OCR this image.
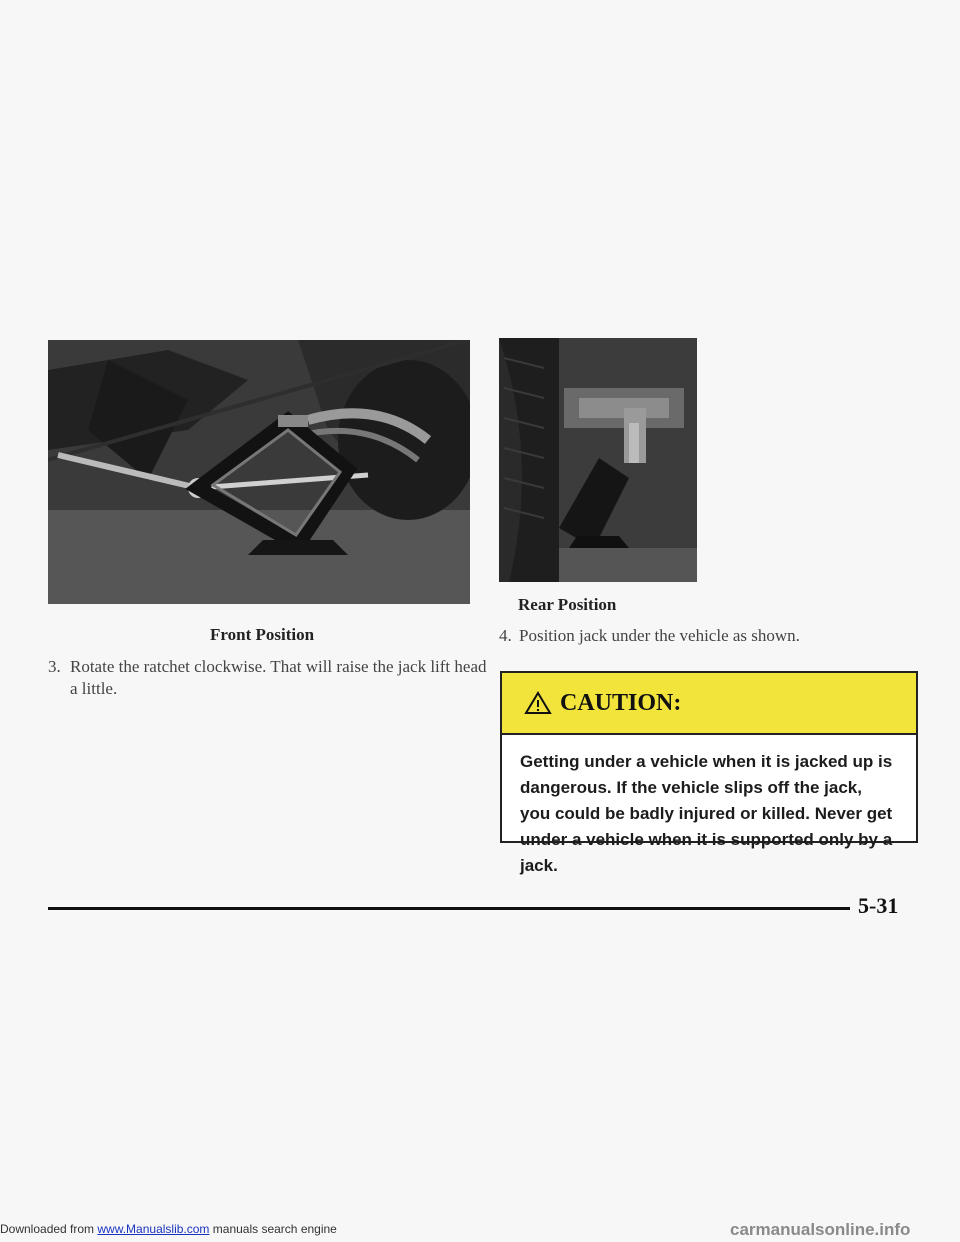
Front Position
Rear Position
3. Rotate the ratchet clockwise. That will raise the jack lift head a little.
4. Position jack under the vehicle as shown.
CAUTION:
Getting under a vehicle when it is jacked up is dangerous. If the vehicle slips off the jack, you could be badly injured or killed. Never get under a vehicle when it is supported only by a jack.
5-31
Downloaded from www.Manualslib.com manuals search engine	carmanualsonline.info
